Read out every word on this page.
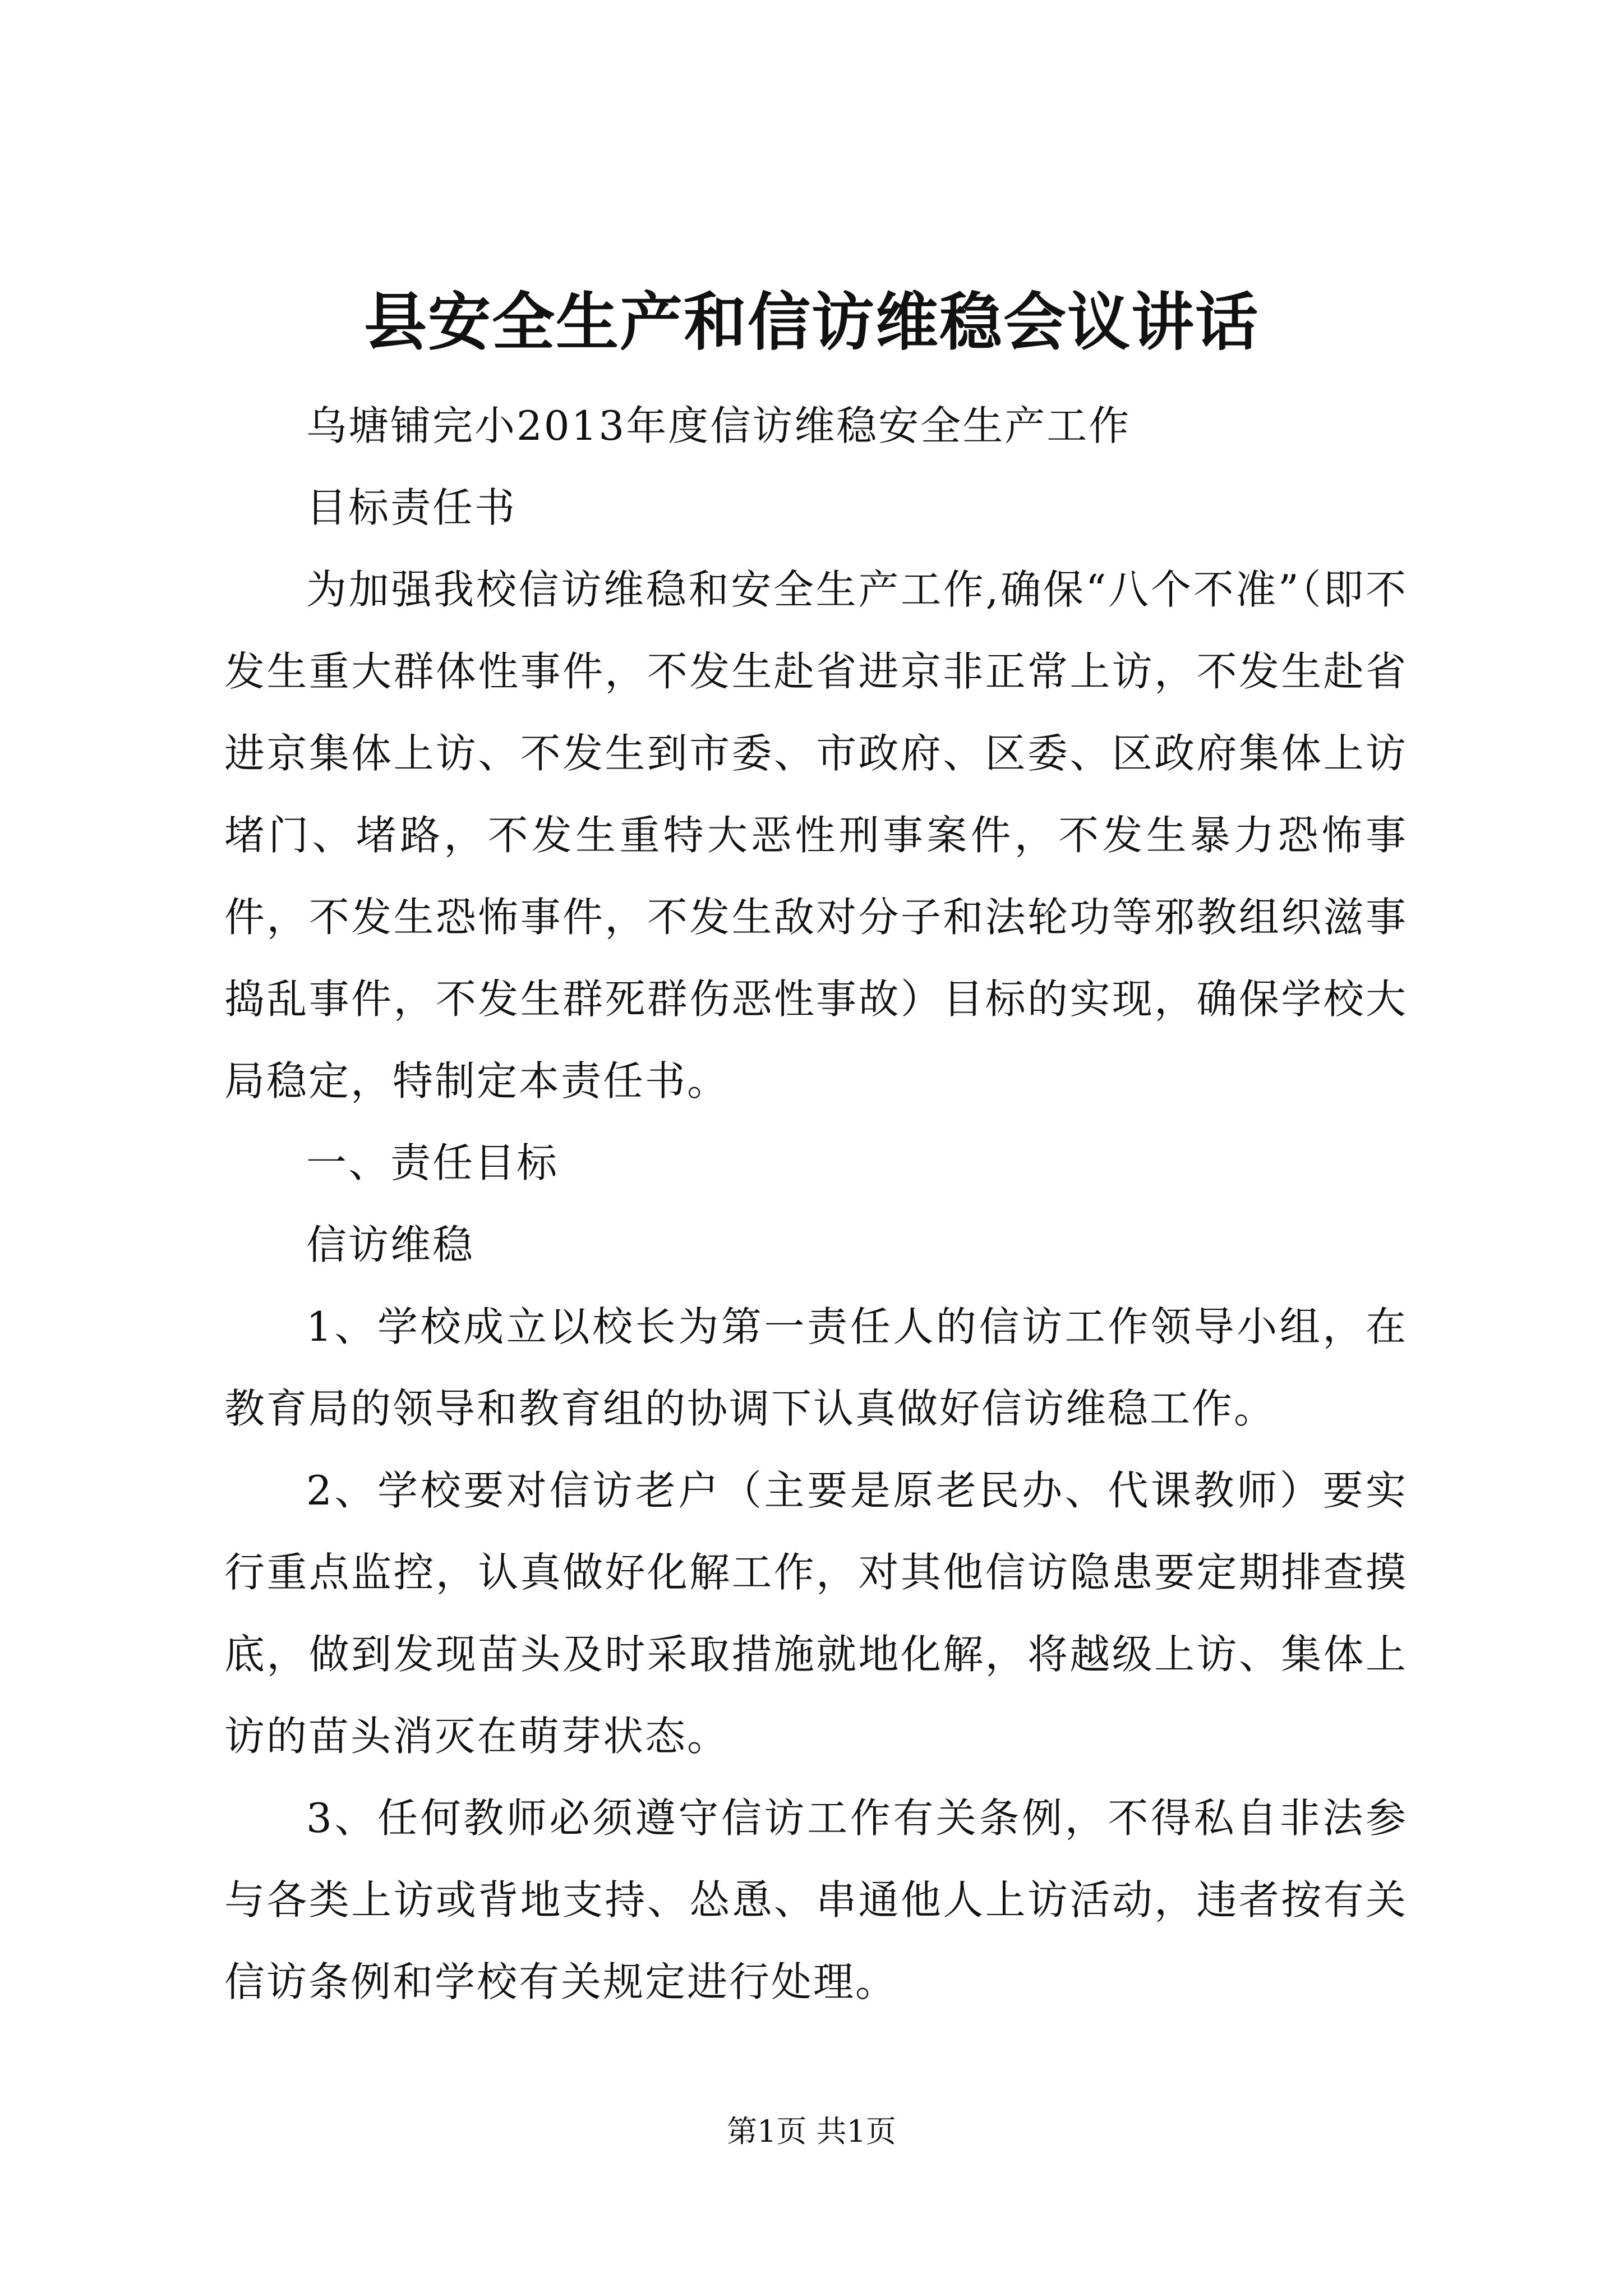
县安全生产和信访维稳会议讲话

乌塘铺完小2013年度信访维稳安全生产工作

目标责任书

为加强我校信访维稳和安全生产工作,确保“八个不准”（即不发生重大群体性事件，不发生赴省进京非正常上访，不发生赴省进京集体上访、不发生到市委、市政府、区委、区政府集体上访堵门、堵路，不发生重特大恶性刑事案件，不发生暴力恐怖事件，不发生恐怖事件，不发生敌对分子和法轮功等邪教组织滋事捣乱事件，不发生群死群伤恶性事故）目标的实现，确保学校大局稳定，特制定本责任书。

一、责任目标

信访维稳

1、学校成立以校长为第一责任人的信访工作领导小组，在教育局的领导和教育组的协调下认真做好信访维稳工作。

2、学校要对信访老户（主要是原老民办、代课教师）要实行重点监控，认真做好化解工作，对其他信访隐患要定期排查摸底，做到发现苗头及时采取措施就地化解，将越级上访、集体上访的苗头消灭在萌芽状态。

3、任何教师必须遵守信访工作有关条例，不得私自非法参与各类上访或背地支持、怂恿、串通他人上访活动，违者按有关信访条例和学校有关规定进行处理。

第1页 共1页
